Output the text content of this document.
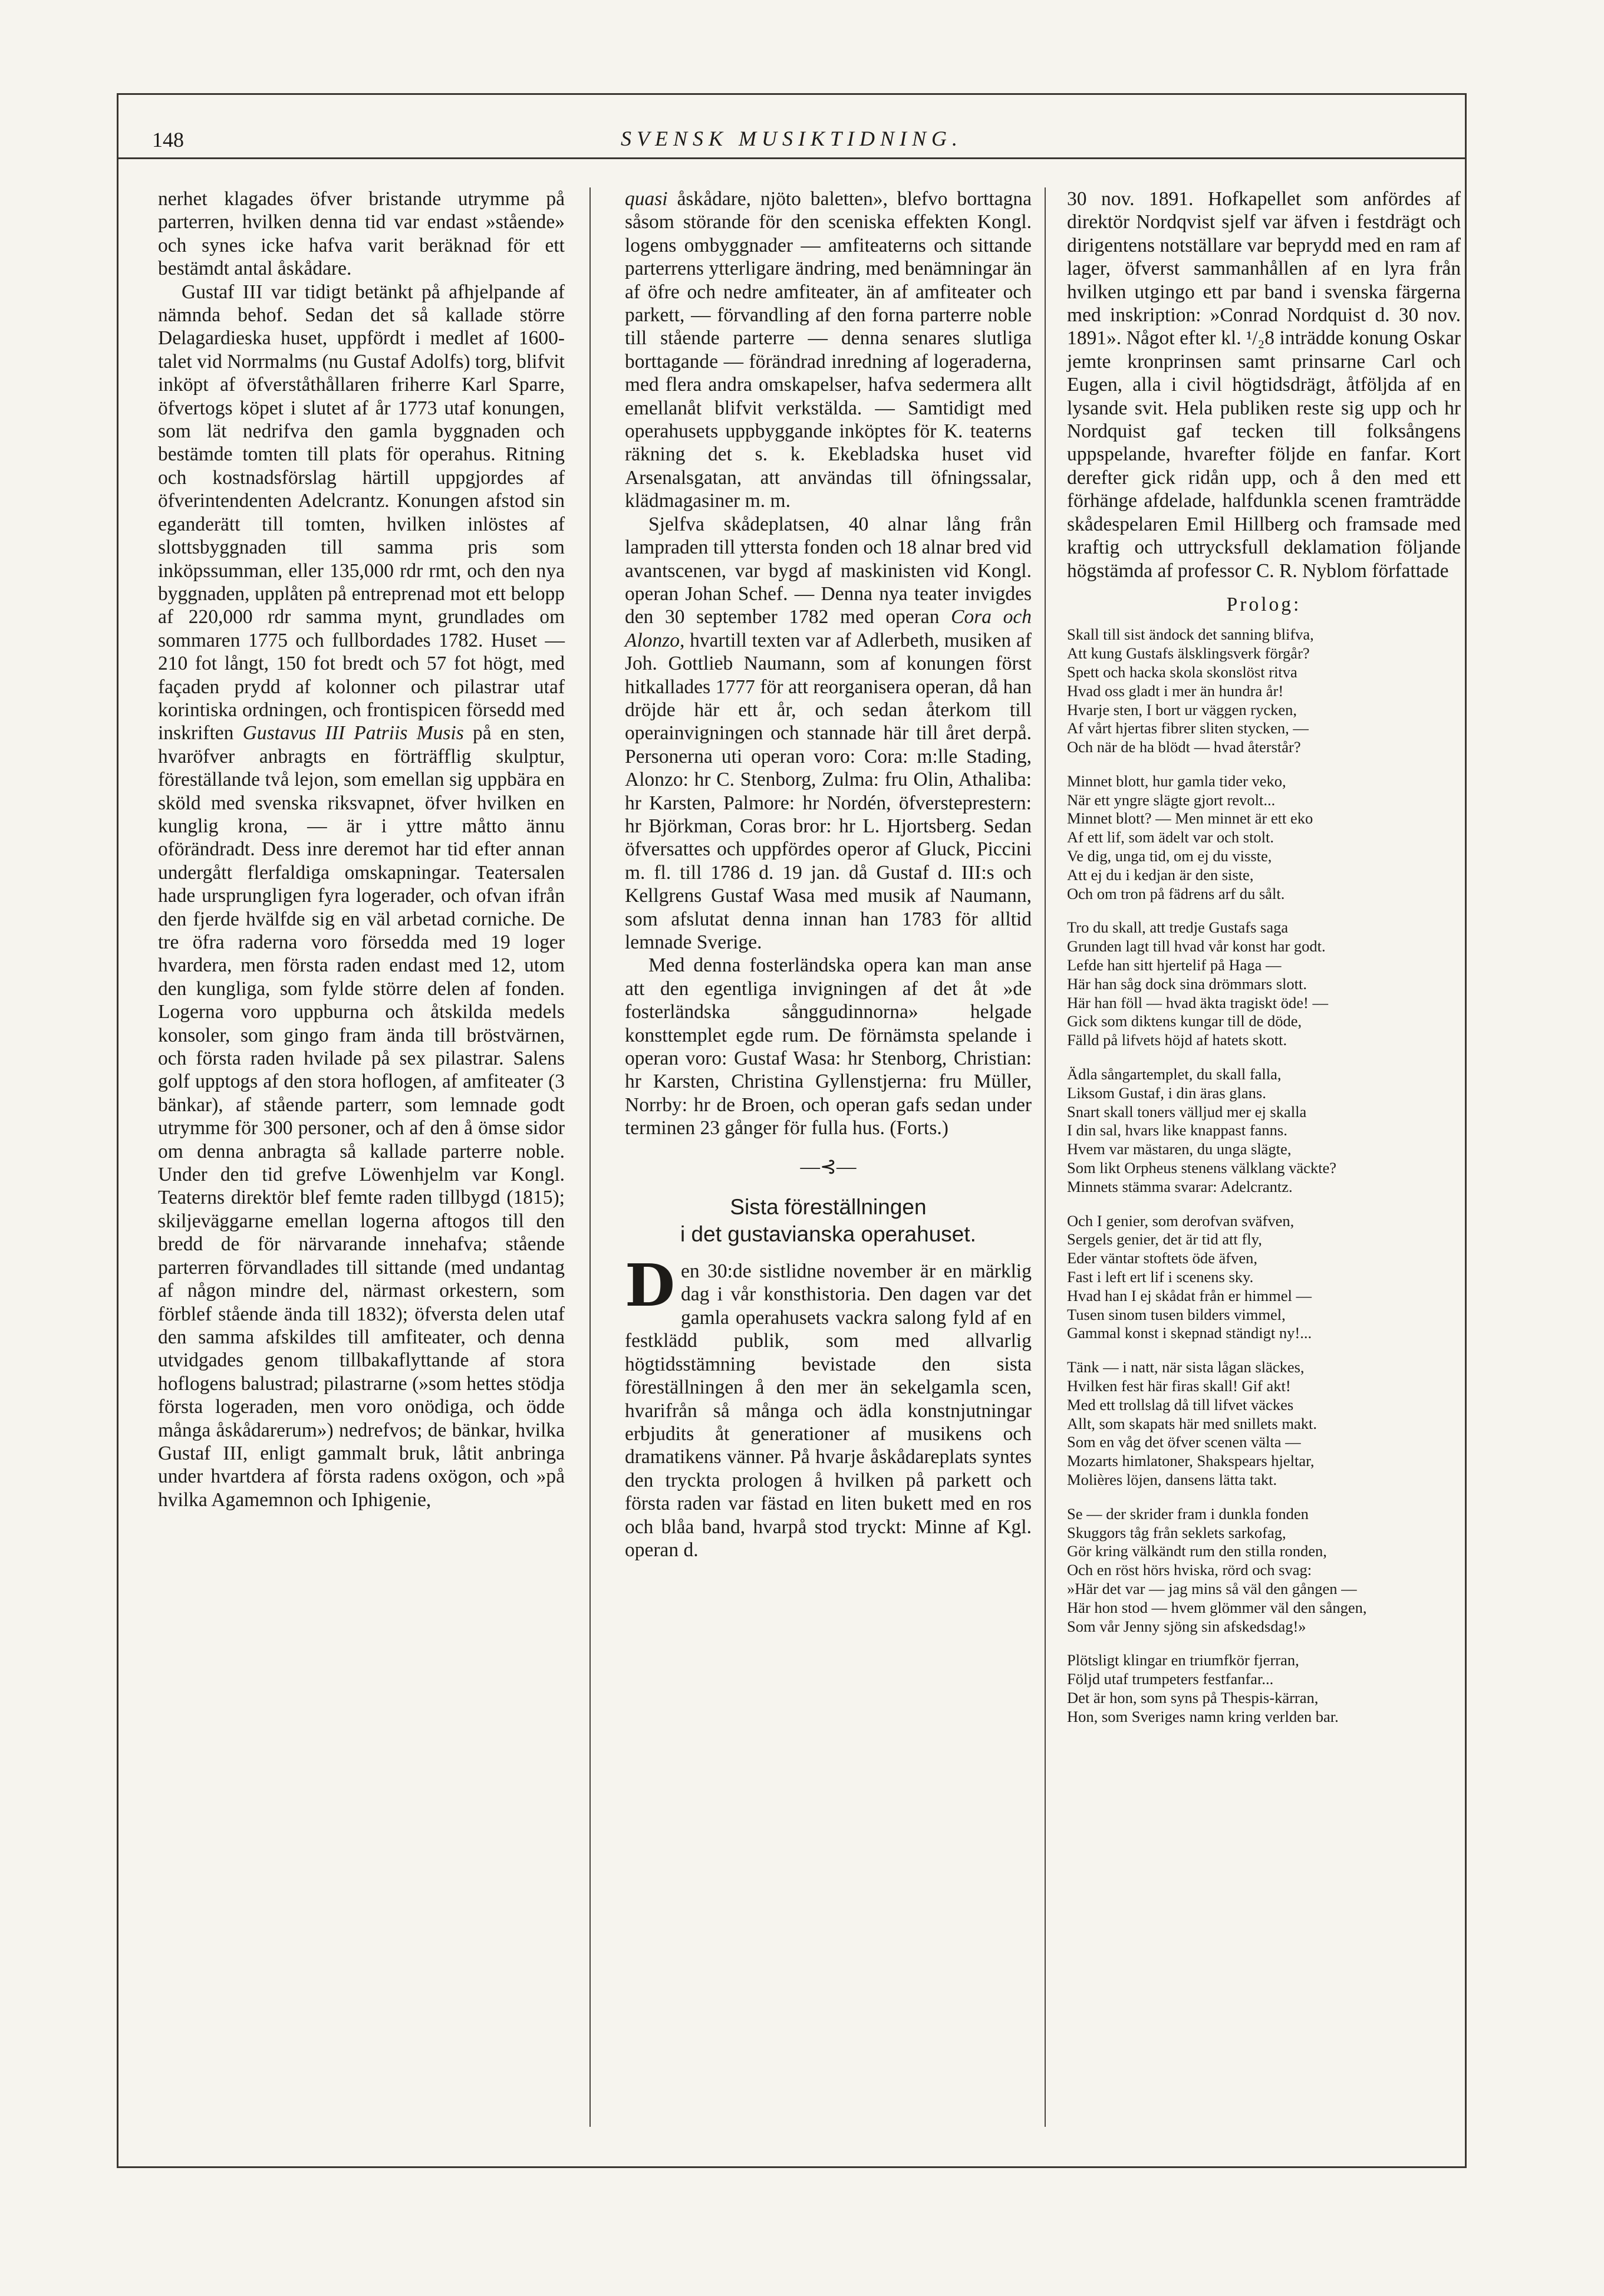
148	SVENSK MUSIKTIDNING.

nerhet klagades öfver bristande utrymme på parterren, hvilken denna tid var endast »stående» och synes icke hafva varit beräknad för ett bestämdt antal åskådare.

Gustaf III var tidigt betänkt på afhjelpande af nämnda behof. Sedan det så kallade större Delagardieska huset, uppfördt i medlet af 1600-talet vid Norrmalms (nu Gustaf Adolfs) torg, blifvit inköpt af öfverståthållaren friherre Karl Sparre, öfvertogs köpet i slutet af år 1773 utaf konungen, som lät nedrifva den gamla byggnaden och bestämde tomten till plats för operahus. Ritning och kostnadsförslag härtill uppgjordes af öfverintendenten Adelcrantz. Konungen afstod sin eganderätt till tomten, hvilken inlöstes af slottsbyggnaden till samma pris som inköpssumman, eller 135,000 rdr rmt, och den nya byggnaden, upplåten på entreprenad mot ett belopp af 220,000 rdr samma mynt, grundlades om sommaren 1775 och fullbordades 1782. Huset — 210 fot långt, 150 fot bredt och 57 fot högt, med façaden prydd af kolonner och pilastrar utaf korintiska ordningen, och frontispicen försedd med inskriften Gustavus III Patriis Musis på en sten, hvaröfver anbragts en förträfflig skulptur, föreställande två lejon, som emellan sig uppbära en sköld med svenska riksvapnet, öfver hvilken en kunglig krona, — är i yttre måtto ännu oförändradt. Dess inre deremot har tid efter annan undergått flerfaldiga omskapningar. Teatersalen hade ursprungligen fyra logerader, och ofvan ifrån den fjerde hvälfde sig en väl arbetad corniche. De tre öfra raderna voro försedda med 19 loger hvardera, men första raden endast med 12, utom den kungliga, som fylde större delen af fonden. Logerna voro uppburna och åtskilda medels konsoler, som gingo fram ända till bröstvärnen, och första raden hvilade på sex pilastrar. Salens golf upptogs af den stora hoflogen, af amfiteater (3 bänkar), af stående parterr, som lemnade godt utrymme för 300 personer, och af den å ömse sidor om denna anbragta så kallade parterre noble. Under den tid grefve Löwenhjelm var Kongl. Teaterns direktör blef femte raden tillbygd (1815); skiljeväggarne emellan logerna aftogos till den bredd de för närvarande innehafva; stående parterren förvandlades till sittande (med undantag af någon mindre del, närmast orkestern, som förblef stående ända till 1832); öfversta delen utaf den samma afskildes till amfiteater, och denna utvidgades genom tillbakaflyttande af stora hoflogens balustrad; pilastrarne (»som hettes stödja första logeraden, men voro onödiga, och ödde många åskådarerum») nedrefvos; de bänkar, hvilka Gustaf III, enligt gammalt bruk, låtit anbringa under hvartdera af första radens oxögon, och »på hvilka Agamemnon och Iphigenie,

quasi åskådare, njöto baletten», blefvo borttagna såsom störande för den sceniska effekten Kongl. logens ombyggnader — amfiteaterns och sittande parterrens ytterligare ändring, med benämningar än af öfre och nedre amfiteater, än af amfiteater och parkett, — förvandling af den forna parterre noble till stående parterre — denna senares slutliga borttagande — förändrad inredning af logeraderna, med flera andra omskapelser, hafva sedermera allt emellanåt blifvit verkstälda. — Samtidigt med operahusets uppbyggande inköptes för K. teaterns räkning det s. k. Ekebladska huset vid Arsenalsgatan, att användas till öfningssalar, klädmagasiner m. m.

Sjelfva skådeplatsen, 40 alnar lång från lampraden till yttersta fonden och 18 alnar bred vid avantscenen, var bygd af maskinisten vid Kongl. operan Johan Schef. — Denna nya teater invigdes den 30 september 1782 med operan Cora och Alonzo, hvartill texten var af Adlerbeth, musiken af Joh. Gottlieb Naumann, som af konungen först hitkallades 1777 för att reorganisera operan, då han dröjde här ett år, och sedan återkom till operainvigningen och stannade här till året derpå. Personerna uti operan voro: Cora: m:lle Stading, Alonzo: hr C. Stenborg, Zulma: fru Olin, Athaliba: hr Karsten, Palmore: hr Nordén, öfversteprestern: hr Björkman, Coras bror: hr L. Hjortsberg. Sedan öfversattes och uppfördes operor af Gluck, Piccini m. fl. till 1786 d. 19 jan. då Gustaf d. III:s och Kellgrens Gustaf Wasa med musik af Naumann, som afslutat denna innan han 1783 för alltid lemnade Sverige.

Med denna fosterländska opera kan man anse att den egentliga invigningen af det åt »de fosterländska sånggudinnorna» helgade konsttemplet egde rum. De förnämsta spelande i operan voro: Gustaf Wasa: hr Stenborg, Christian: hr Karsten, Christina Gyllenstjerna: fru Müller, Norrby: hr de Broen, och operan gafs sedan under terminen 23 gånger för fulla hus. (Forts.)

—⊰—
Sista föreställningen
i det gustavianska operahuset.

Den 30:de sistlidne november är en märklig dag i vår konsthistoria. Den dagen var det gamla operahusets vackra salong fyld af en festklädd publik, som med allvarlig högtidsstämning bevistade den sista föreställningen å den mer än sekelgamla scen, hvarifrån så många och ädla konstnjutningar erbjudits åt generationer af musikens och dramatikens vänner. På hvarje åskådareplats syntes den tryckta prologen å hvilken på parkett och första raden var fästad en liten bukett med en ros och blåa band, hvarpå stod tryckt: Minne af Kgl. operan d.

30 nov. 1891. Hofkapellet som anfördes af direktör Nordqvist sjelf var äfven i festdrägt och dirigentens notställare var beprydd med en ram af lager, öfverst sammanhållen af en lyra från hvilken utgingo ett par band i svenska färgerna med inskription: »Conrad Nordquist d. 30 nov. 1891». Något efter kl. ¹/₂8 inträdde konung Oskar jemte kronprinsen samt prinsarne Carl och Eugen, alla i civil högtidsdrägt, åtföljda af en lysande svit. Hela publiken reste sig upp och hr Nordquist gaf tecken till folksångens uppspelande, hvarefter följde en fanfar. Kort derefter gick ridån upp, och å den med ett förhänge afdelade, halfdunkla scenen framträdde skådespelaren Emil Hillberg och framsade med kraftig och uttrycksfull deklamation följande högstämda af professor C. R. Nyblom författade

Prolog:
Skall till sist ändock det sanning blifva,
Att kung Gustafs älsklingsverk förgår?
Spett och hacka skola skonslöst ritva
Hvad oss gladt i mer än hundra år!
Hvarje sten, I bort ur väggen rycken,
Af vårt hjertas fibrer sliten stycken, —
Och när de ha blödt — hvad återstår?
Minnet blott, hur gamla tider veko,
När ett yngre slägte gjort revolt...
Minnet blott? — Men minnet är ett eko
Af ett lif, som ädelt var och stolt.
Ve dig, unga tid, om ej du visste,
Att ej du i kedjan är den siste,
Och om tron på fädrens arf du sålt.
Tro du skall, att tredje Gustafs saga
Grunden lagt till hvad vår konst har godt.
Lefde han sitt hjertelif på Haga —
Här han såg dock sina drömmars slott.
Här han föll — hvad äkta tragiskt öde! —
Gick som diktens kungar till de döde,
Fälld på lifvets höjd af hatets skott.
Ädla sångartemplet, du skall falla,
Liksom Gustaf, i din äras glans.
Snart skall toners välljud mer ej skalla
I din sal, hvars like knappast fanns.
Hvem var mästaren, du unga slägte,
Som likt Orpheus stenens välklang väckte?
Minnets stämma svarar: Adelcrantz.
Och I genier, som derofvan sväfven,
Sergels genier, det är tid att fly,
Eder väntar stoftets öde äfven,
Fast i left ert lif i scenens sky.
Hvad han I ej skådat från er himmel —
Tusen sinom tusen bilders vimmel,
Gammal konst i skepnad ständigt ny!...
Tänk — i natt, när sista lågan släckes,
Hvilken fest här firas skall! Gif akt!
Med ett trollslag då till lifvet väckes
Allt, som skapats här med snillets makt.
Som en våg det öfver scenen välta —
Mozarts himlatoner, Shakspears hjeltar,
Molières löjen, dansens lätta takt.
Se — der skrider fram i dunkla fonden
Skuggors tåg från seklets sarkofag,
Gör kring välkändt rum den stilla ronden,
Och en röst hörs hviska, rörd och svag:
»Här det var — jag mins så väl den gången —
Här hon stod — hvem glömmer väl den sången,
Som vår Jenny sjöng sin afskedsdag!»
Plötsligt klingar en triumfkör fjerran,
Följd utaf trumpeters festfanfar...
Det är hon, som syns på Thespis-kärran,
Hon, som Sveriges namn kring verlden bar.
